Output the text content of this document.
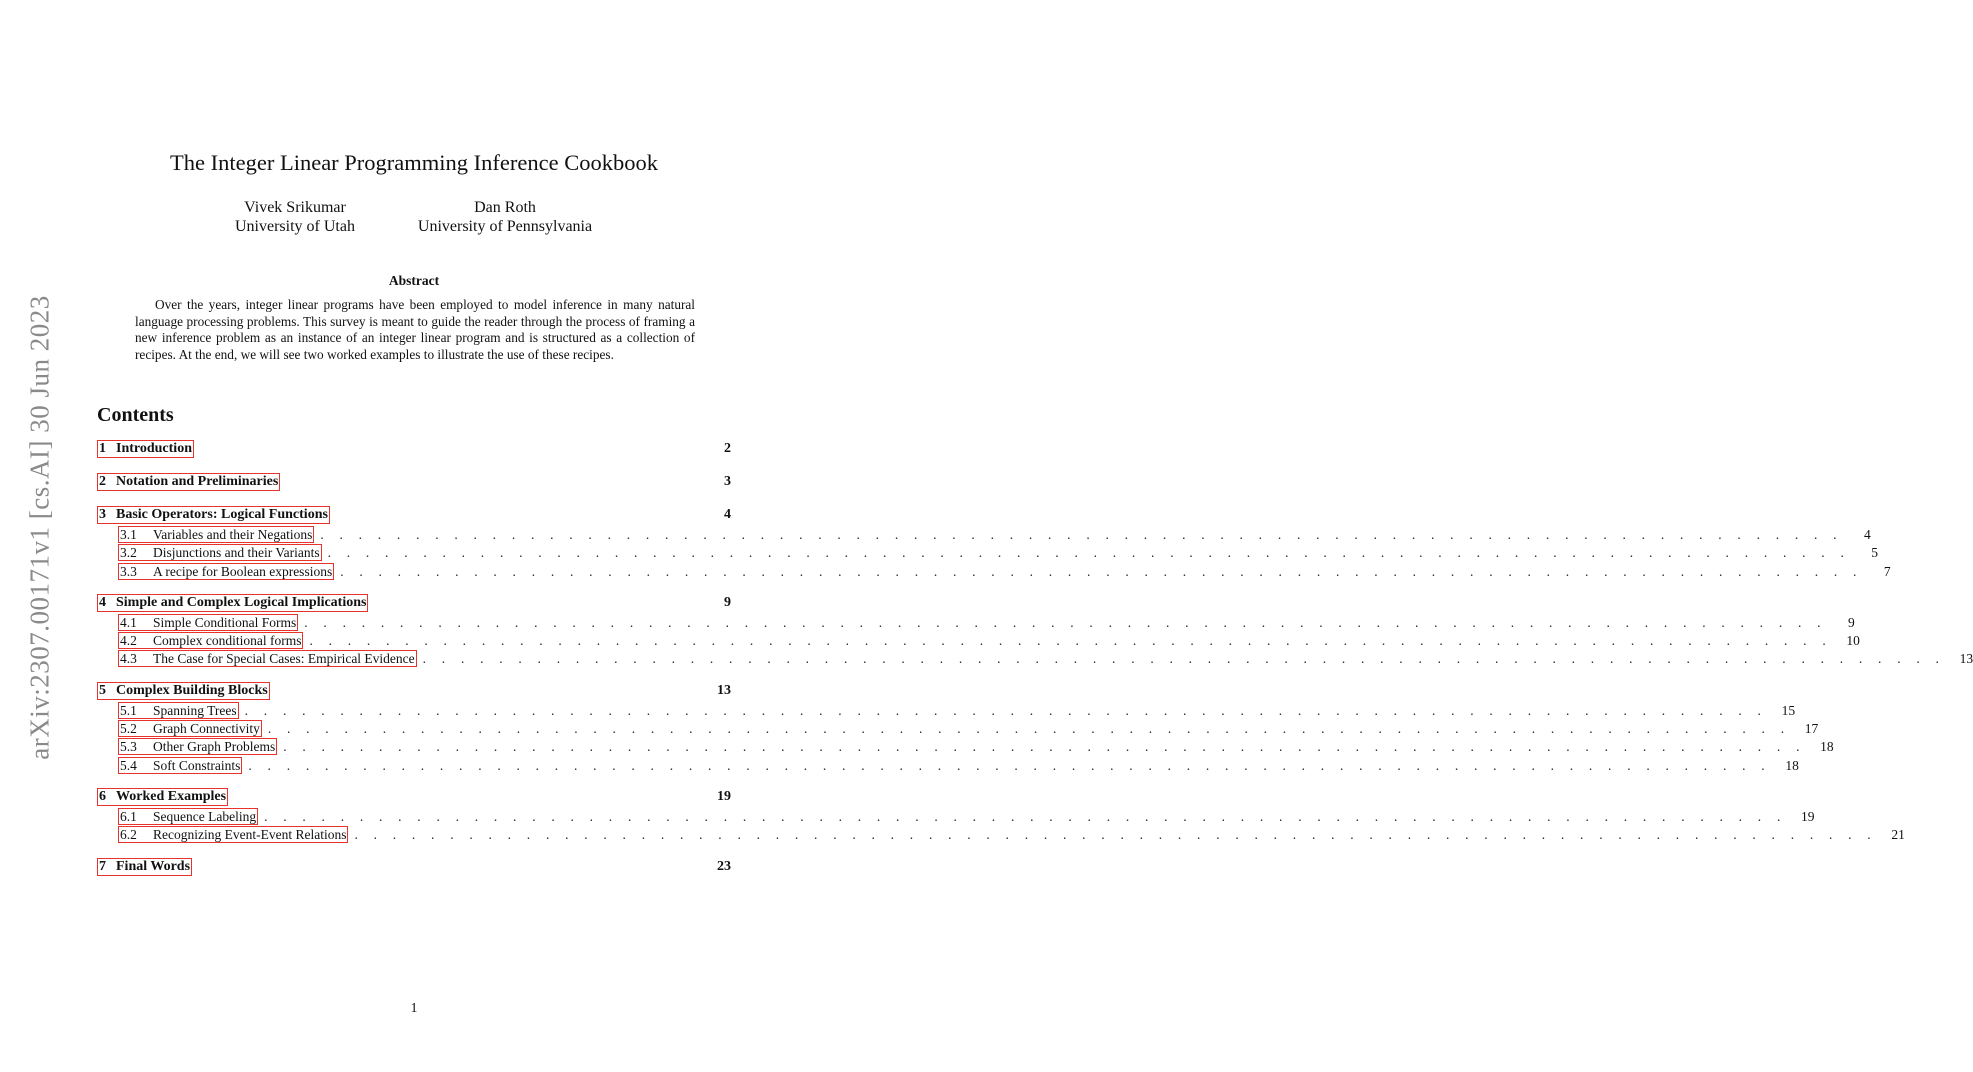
arXiv:2307.00171v1 [cs.AI] 30 Jun 2023
The Integer Linear Programming Inference Cookbook
Vivek Srikumar
University of Utah
Dan Roth
University of Pennsylvania
Abstract

Over the years, integer linear programs have been employed to model inference in many natural language processing problems. This survey is meant to guide the reader through the process of framing a new inference problem as an instance of an integer linear program and is structured as a collection of recipes. At the end, we will see two worked examples to illustrate the use of these recipes.

Contents
1 Introduction	2
2 Notation and Preliminaries	3
3 Basic Operators: Logical Functions	4
3.1 Variables and their Negations . . . . . . . . . . . . . . . . . . . . . . . . . . . . . . . . . . . . . . . . . . . . . . . . . . . . . . . . . . . . . . . . . . . . . . . . . . . . . . . .	4
3.2 Disjunctions and their Variants . . . . . . . . . . . . . . . . . . . . . . . . . . . . . . . . . . . . . . . . . . . . . . . . . . . . . . . . . . . . . . . . . . . . . . . . . . . . . . . .	5
3.3 A recipe for Boolean expressions . . . . . . . . . . . . . . . . . . . . . . . . . . . . . . . . . . . . . . . . . . . . . . . . . . . . . . . . . . . . . . . . . . . . . . . . . . . . . . . .	7
4 Simple and Complex Logical Implications	9
4.1 Simple Conditional Forms . . . . . . . . . . . . . . . . . . . . . . . . . . . . . . . . . . . . . . . . . . . . . . . . . . . . . . . . . . . . . . . . . . . . . . . . . . . . . . . .	9
4.2 Complex conditional forms . . . . . . . . . . . . . . . . . . . . . . . . . . . . . . . . . . . . . . . . . . . . . . . . . . . . . . . . . . . . . . . . . . . . . . . . . . . . . . . .	10
4.3 The Case for Special Cases: Empirical Evidence . . . . . . . . . . . . . . . . . . . . . . . . . . . . . . . . . . . . . . . . . . . . . . . . . . . . . . . . . . . . . . . . . . . . . . . . . . . . . . . .	13
5 Complex Building Blocks	13
5.1 Spanning Trees . . . . . . . . . . . . . . . . . . . . . . . . . . . . . . . . . . . . . . . . . . . . . . . . . . . . . . . . . . . . . . . . . . . . . . . . . . . . . . . .	15
5.2 Graph Connectivity . . . . . . . . . . . . . . . . . . . . . . . . . . . . . . . . . . . . . . . . . . . . . . . . . . . . . . . . . . . . . . . . . . . . . . . . . . . . . . . .	17
5.3 Other Graph Problems . . . . . . . . . . . . . . . . . . . . . . . . . . . . . . . . . . . . . . . . . . . . . . . . . . . . . . . . . . . . . . . . . . . . . . . . . . . . . . . .	18
5.4 Soft Constraints . . . . . . . . . . . . . . . . . . . . . . . . . . . . . . . . . . . . . . . . . . . . . . . . . . . . . . . . . . . . . . . . . . . . . . . . . . . . . . . .	18
6 Worked Examples	19
6.1 Sequence Labeling . . . . . . . . . . . . . . . . . . . . . . . . . . . . . . . . . . . . . . . . . . . . . . . . . . . . . . . . . . . . . . . . . . . . . . . . . . . . . . . .	19
6.2 Recognizing Event-Event Relations . . . . . . . . . . . . . . . . . . . . . . . . . . . . . . . . . . . . . . . . . . . . . . . . . . . . . . . . . . . . . . . . . . . . . . . . . . . . . . . .	21
7 Final Words	23
1
